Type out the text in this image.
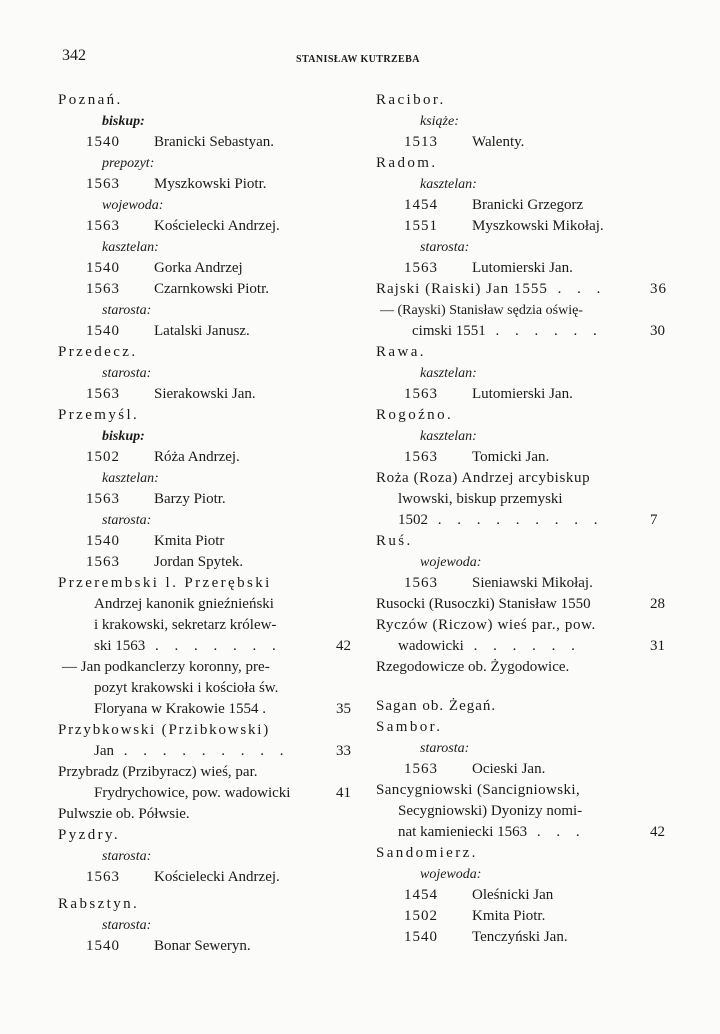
342	STANISŁAW KUTRZEBA
Poznań.
biskup:
1540 Branicki Sebastyan.
prepozyt:
1563 Myszkowski Piotr.
wojewoda:
1563 Kościelecki Andrzej.
kasztelan:
1540 Gorka Andrzej
1563 Czarnkowski Piotr.
starosta:
1540 Latalski Janusz.
Przedecz.
starosta:
1563 Sierakowski Jan.
Przemyśl.
biskup:
1502 Róża Andrzej.
kasztelan:
1563 Barzy Piotr.
starosta:
1540 Kmita Piotr
1563 Jordan Spytek.
Przerembski l. Przerębski
Andrzej kanonik gnieźnieński
i krakowski, sekretarz królew-
ski 1563 . . . . . . .	42
— Jan podkanclerzy koronny, pre-
pozyt krakowski i kościoła św.
Floryana w Krakowie 1554 .	35
Przybkowski (Przibkowski)
Jan . . . . . . . . .	33
Przybradz (Przibyracz) wieś, par.
Frydrychowice, pow. wadowicki	41
Pulwszie ob. Półwsie.
Pyzdry.
starosta:
1563 Kościelecki Andrzej.
Rabsztyn.
starosta:
1540 Bonar Seweryn.
Racibor.
książe:
1513 Walenty.
Radom.
kasztelan:
1454 Branicki Grzegorz
1551 Myszkowski Mikołaj.
starosta:
1563 Lutomierski Jan.
Rajski (Raiski) Jan 1555 . . .	36
— (Rayski) Stanisław sędzia oświę-
cimski 1551 . . . . . .	30
Rawa.
kasztelan:
1563 Lutomierski Jan.
Rogoźno.
kasztelan:
1563 Tomicki Jan.
Roża (Roza) Andrzej arcybiskup
lwowski, biskup przemyski
1502 . . . . . . . . .	7
Ruś.
wojewoda:
1563 Sieniawski Mikołaj.
Rusocki (Rusoczki) Stanisław 1550	28
Ryczów (Riczow) wieś par., pow.
wadowicki . . . . . .	31
Rzegodowicze ob. Żygodowice.
Sagan ob. Żegań.
Sambor.
starosta:
1563 Ocieski Jan.
Sancygniowski (Sancigniowski,
Secygniowski) Dyonizy nomi-
nat kamieniecki 1563 . . .	42
Sandomierz.
wojewoda:
1454 Oleśnicki Jan
1502 Kmita Piotr.
1540 Tenczyński Jan.
